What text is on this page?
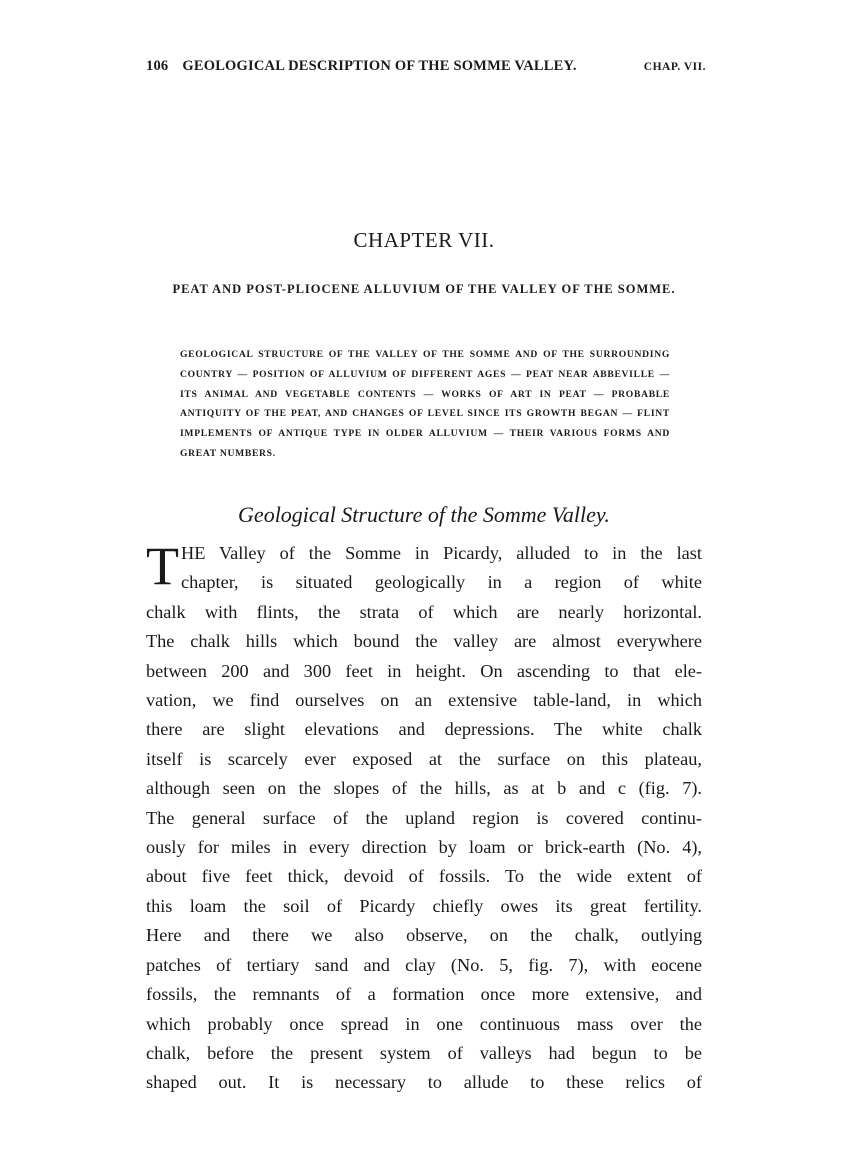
106 GEOLOGICAL DESCRIPTION OF THE SOMME VALLEY.	CHAP. VII.
CHAPTER VII.
PEAT AND POST-PLIOCENE ALLUVIUM OF THE VALLEY OF THE SOMME.
GEOLOGICAL STRUCTURE OF THE VALLEY OF THE SOMME AND OF THE SURROUNDING COUNTRY — POSITION OF ALLUVIUM OF DIFFERENT AGES — PEAT NEAR ABBEVILLE — ITS ANIMAL AND VEGETABLE CONTENTS — WORKS OF ART IN PEAT — PROBABLE ANTIQUITY OF THE PEAT, AND CHANGES OF LEVEL SINCE ITS GROWTH BEGAN — FLINT IMPLEMENTS OF ANTIQUE TYPE IN OLDER ALLUVIUM — THEIR VARIOUS FORMS AND GREAT NUMBERS.
Geological Structure of the Somme Valley.
T HE Valley of the Somme in Picardy, alluded to in the last
chapter, is situated geologically in a region of white
chalk with flints, the strata of which are nearly horizontal.
The chalk hills which bound the valley are almost everywhere
between 200 and 300 feet in height. On ascending to that ele-
vation, we find ourselves on an extensive table-land, in which
there are slight elevations and depressions. The white chalk
itself is scarcely ever exposed at the surface on this plateau,
although seen on the slopes of the hills, as at b and c (fig. 7).
The general surface of the upland region is covered continu-
ously for miles in every direction by loam or brick-earth (No. 4),
about five feet thick, devoid of fossils. To the wide extent of
this loam the soil of Picardy chiefly owes its great fertility.
Here and there we also observe, on the chalk, outlying
patches of tertiary sand and clay (No. 5, fig. 7), with eocene
fossils, the remnants of a formation once more extensive, and
which probably once spread in one continuous mass over the
chalk, before the present system of valleys had begun to be
shaped out. It is necessary to allude to these relics of
